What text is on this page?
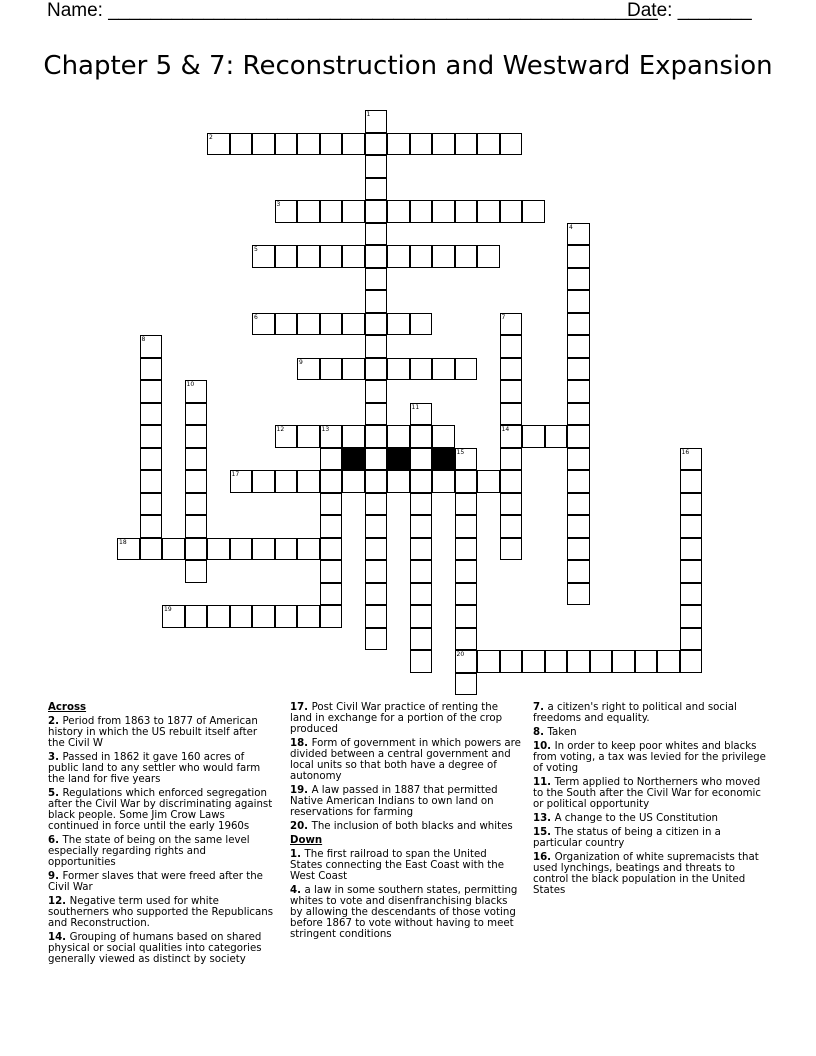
Name: ____________________________________________________
Date: _______
Chapter 5 & 7: Reconstruction and Westward Expansion
2
3
5
6
9
12	13	14
17
18
19
20
1
4
7
8
10
11
15	16

Across

2. Period from 1863 to 1877 of American history in which the US rebuilt itself after the Civil W

3. Passed in 1862 it gave 160 acres of public land to any settler who would farm the land for five years

5. Regulations which enforced segregation after the Civil War by discriminating against black people. Some Jim Crow Laws continued in force until the early 1960s

6. The state of being on the same level especially regarding rights and opportunities

9. Former slaves that were freed after the Civil War

12. Negative term used for white southerners who supported the Republicans and Reconstruction.

14. Grouping of humans based on shared physical or social qualities into categories generally viewed as distinct by society

17. Post Civil War practice of renting the land in exchange for a portion of the crop produced

18. Form of government in which powers are divided between a central government and local units so that both have a degree of autonomy

19. A law passed in 1887 that permitted Native American Indians to own land on reservations for farming

20. The inclusion of both blacks and whites

Down

1. The first railroad to span the United States connecting the East Coast with the West Coast

4. a law in some southern states, permitting whites to vote and disenfranchising blacks by allowing the descendants of those voting before 1867 to vote without having to meet stringent conditions

7. a citizen's right to political and social freedoms and equality.

8. Taken

10. In order to keep poor whites and blacks from voting, a tax was levied for the privilege of voting

11. Term applied to Northerners who moved to the South after the Civil War for economic or political opportunity

13. A change to the US Constitution

15. The status of being a citizen in a particular country

16. Organization of white supremacists that used lynchings, beatings and threats to control the black population in the United States
